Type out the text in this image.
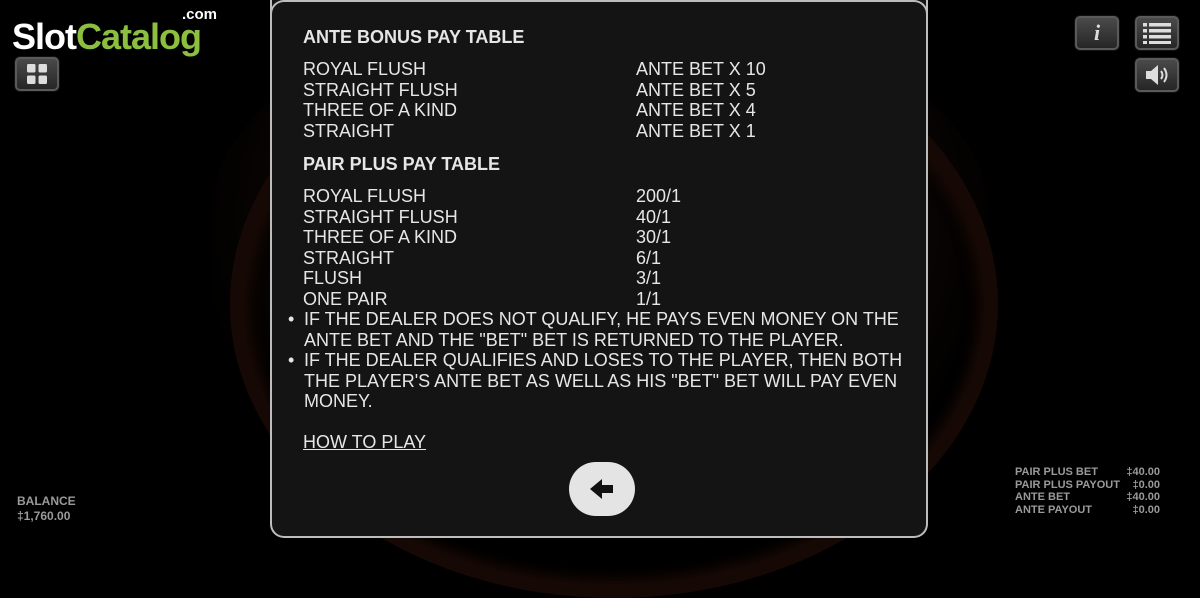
.com
SlotCatalog	i
ANTE BONUS PAY TABLE
ROYAL FLUSH	ANTE BET X 10
STRAIGHT FLUSH	ANTE BET X 5
THREE OF A KIND	ANTE BET X 4
STRAIGHT	ANTE BET X 1
PAIR PLUS PAY TABLE
ROYAL FLUSH	200/1
STRAIGHT FLUSH	40/1
THREE OF A KIND	30/1
STRAIGHT	6/1
FLUSH	3/1
ONE PAIR	1/1

• IF THE DEALER DOES NOT QUALIFY, HE PAYS EVEN MONEY ON THE ANTE BET AND THE "BET" BET IS RETURNED TO THE PLAYER.

• IF THE DEALER QUALIFIES AND LOSES TO THE PLAYER, THEN BOTH THE PLAYER'S ANTE BET AS WELL AS HIS "BET" BET WILL PAY EVEN MONEY.

HOW TO PLAY
BALANCE
‡1,760.00
PAIR PLUS BET	‡40.00
PAIR PLUS PAYOUT ‡0.00
ANTE BET	‡40.00
ANTE PAYOUT	‡0.00
